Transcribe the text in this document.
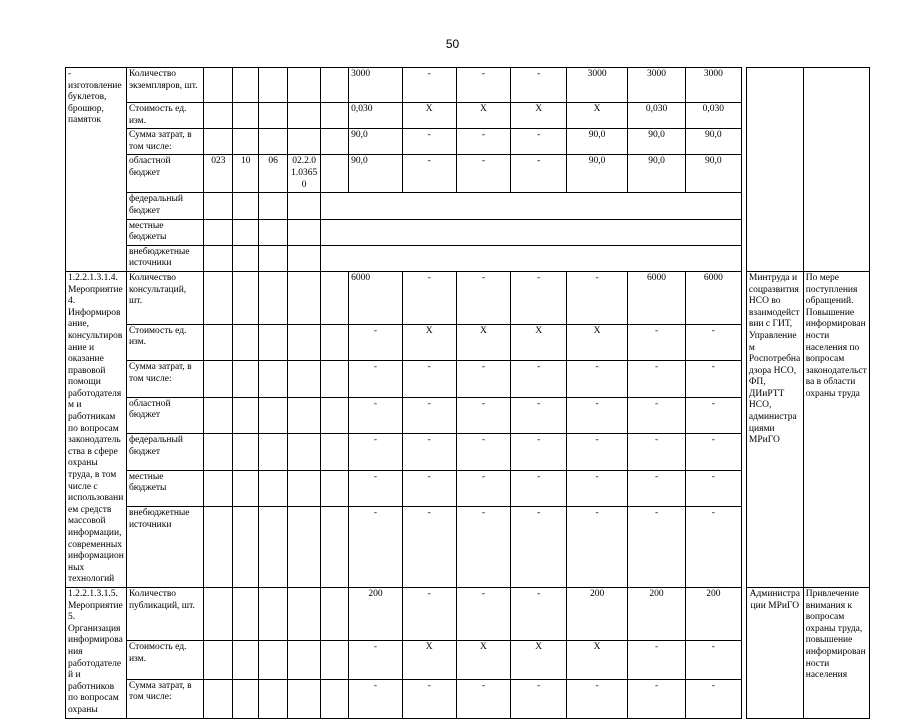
50
- изготовление буклетов, брошюр, памяток	Количество экземпляров, шт.						3000	-	-	-	3000	3000	3000			
	Стоимость ед. изм.						0,030	Х	Х	Х	Х	0,030	0,030			
	Сумма затрат, в том числе:						90,0	-	-	-	90,0	90,0	90,0			
	областной бюджет	023	10	06	02.2.01.03650		90,0	-	-	-	90,0	90,0	90,0			
	федеральный бюджет															
	местные бюджеты															
	внебюджетные источники															
1.2.2.1.3.1.4. Мероприятие 4. Информирование, консультирование и оказание правовой помощи работодателям и работникам по вопросам законодательства в сфере охраны труда, в том числе с использованием средств массовой информации, современных информационных технологий	Количество консультаций, шт.						6000	-	-	-	-	6000	6000		Минтруда и соцразвития НСО во взаимодействии с ГИТ, Управлением Роспотребнадзора НСО, ФП, ДИиРТТ НСО, администрациями МРиГО	По мере поступления обращений. Повышение информированности населения по вопросам законодательства в области охраны труда
	Стоимость ед. изм.						-	Х	Х	Х	Х	-	-			
	Сумма затрат, в том числе:						-	-	-	-	-	-	-			
	областной бюджет						-	-	-	-	-	-	-			
	федеральный бюджет						-	-	-	-	-	-	-			
	местные бюджеты						-	-	-	-	-	-	-			
	внебюджетные источники						-	-	-	-	-	-	-			
1.2.2.1.3.1.5. Мероприятие 5. Организация информирования работодателей и работников по вопросам охраны	Количество публикаций, шт.						200	-	-	-	200	200	200		Администрации МРиГО	Привлечение внимания к вопросам охраны труда, повышение информированности населения
	Стоимость ед. изм.						-	Х	Х	Х	Х	-	-			
	Сумма затрат, в том числе:						-	-	-	-	-	-	-			
